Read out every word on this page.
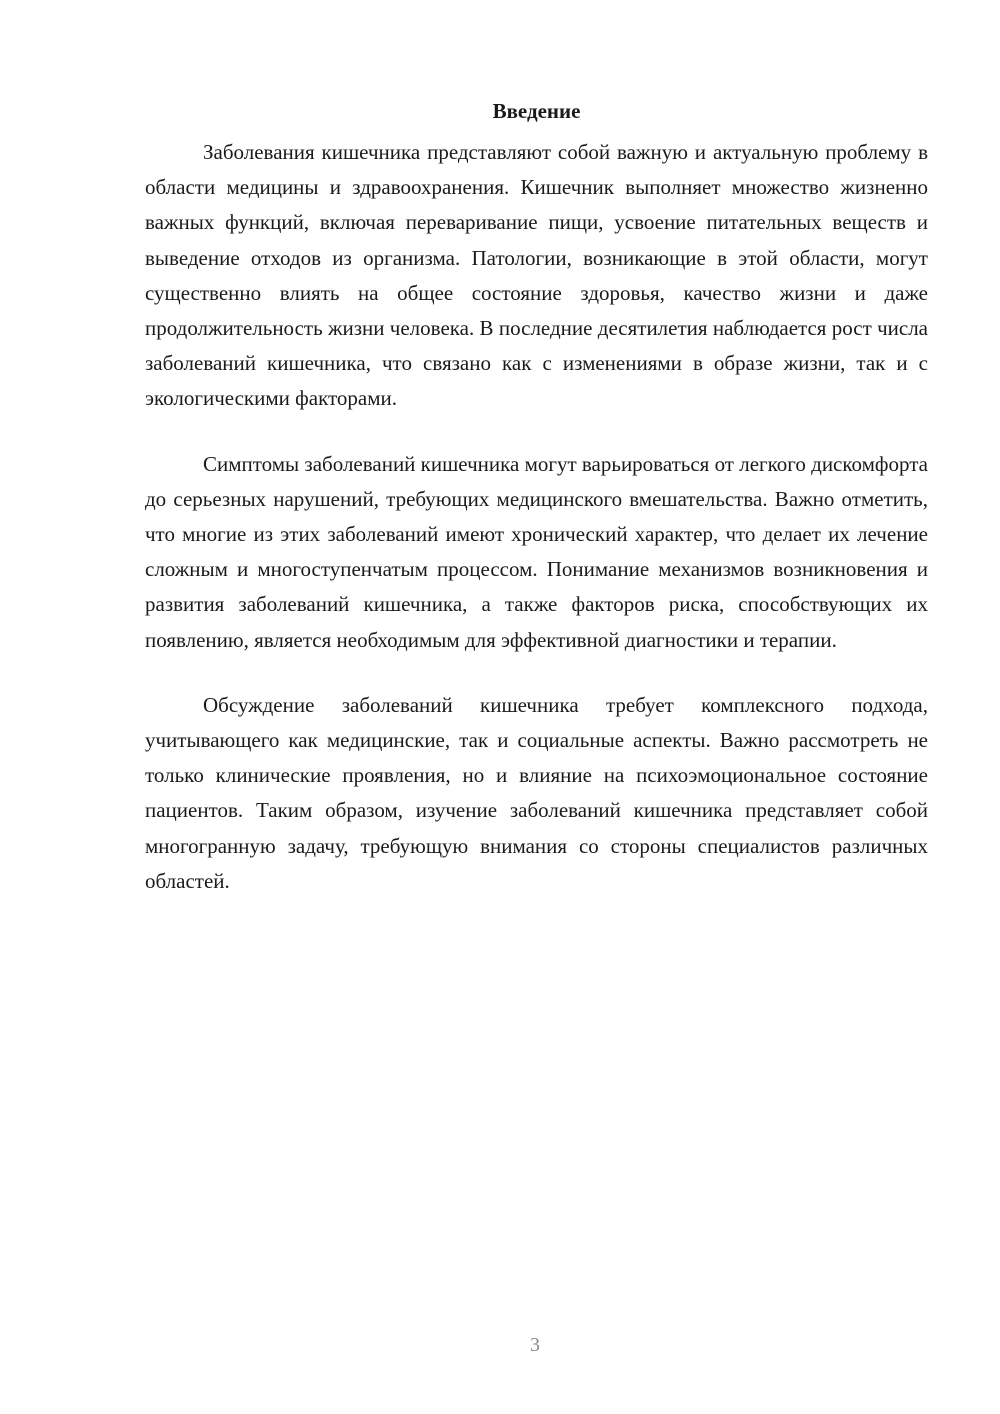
Введение

Заболевания кишечника представляют собой важную и актуальную проблему в области медицины и здравоохранения. Кишечник выполняет множество жизненно важных функций, включая переваривание пищи, усвоение питательных веществ и выведение отходов из организма. Патологии, возникающие в этой области, могут существенно влиять на общее состояние здоровья, качество жизни и даже продолжительность жизни человека. В последние десятилетия наблюдается рост числа заболеваний кишечника, что связано как с изменениями в образе жизни, так и с экологическими факторами.

Симптомы заболеваний кишечника могут варьироваться от легкого дискомфорта до серьезных нарушений, требующих медицинского вмешательства. Важно отметить, что многие из этих заболеваний имеют хронический характер, что делает их лечение сложным и многоступенчатым процессом. Понимание механизмов возникновения и развития заболеваний кишечника, а также факторов риска, способствующих их появлению, является необходимым для эффективной диагностики и терапии.

Обсуждение заболеваний кишечника требует комплексного подхода, учитывающего как медицинские, так и социальные аспекты. Важно рассмотреть не только клинические проявления, но и влияние на психоэмоциональное состояние пациентов. Таким образом, изучение заболеваний кишечника представляет собой многогранную задачу, требующую внимания со стороны специалистов различных областей.

3
